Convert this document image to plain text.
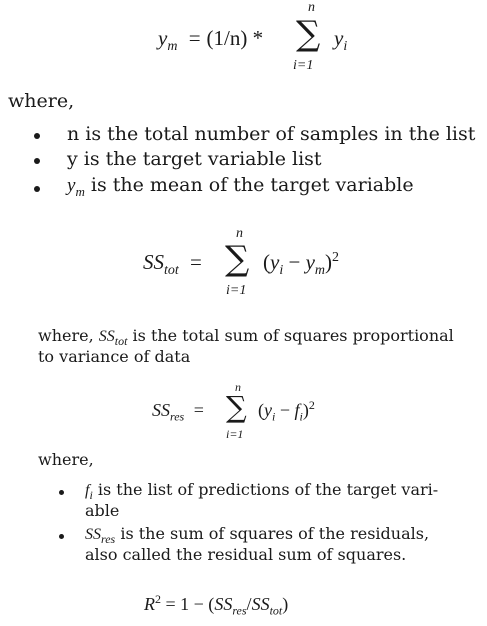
n
$y_m = (1/n)$ * ∑ $y_i$
i=1
where,
n is the total number of samples in the list
y is the target variable list
$y_m$ is the mean of the target variable
n
$SS_{tot}$ = ∑ $(y_i - y_m)^2$
i=1
where, $SS_{tot}$ is the total sum of squares proportional
to variance of data
n
$SS_{res}$ = ∑ $(y_i - f_i)^2$
i=1
where,
$f_i$ is the list of predictions of the target vari-
able
$SS_{res}$ is the sum of squares of the residuals,
also called the residual sum of squares.
$R^2 = 1 - (SS_{res}/SS_{tot})$
